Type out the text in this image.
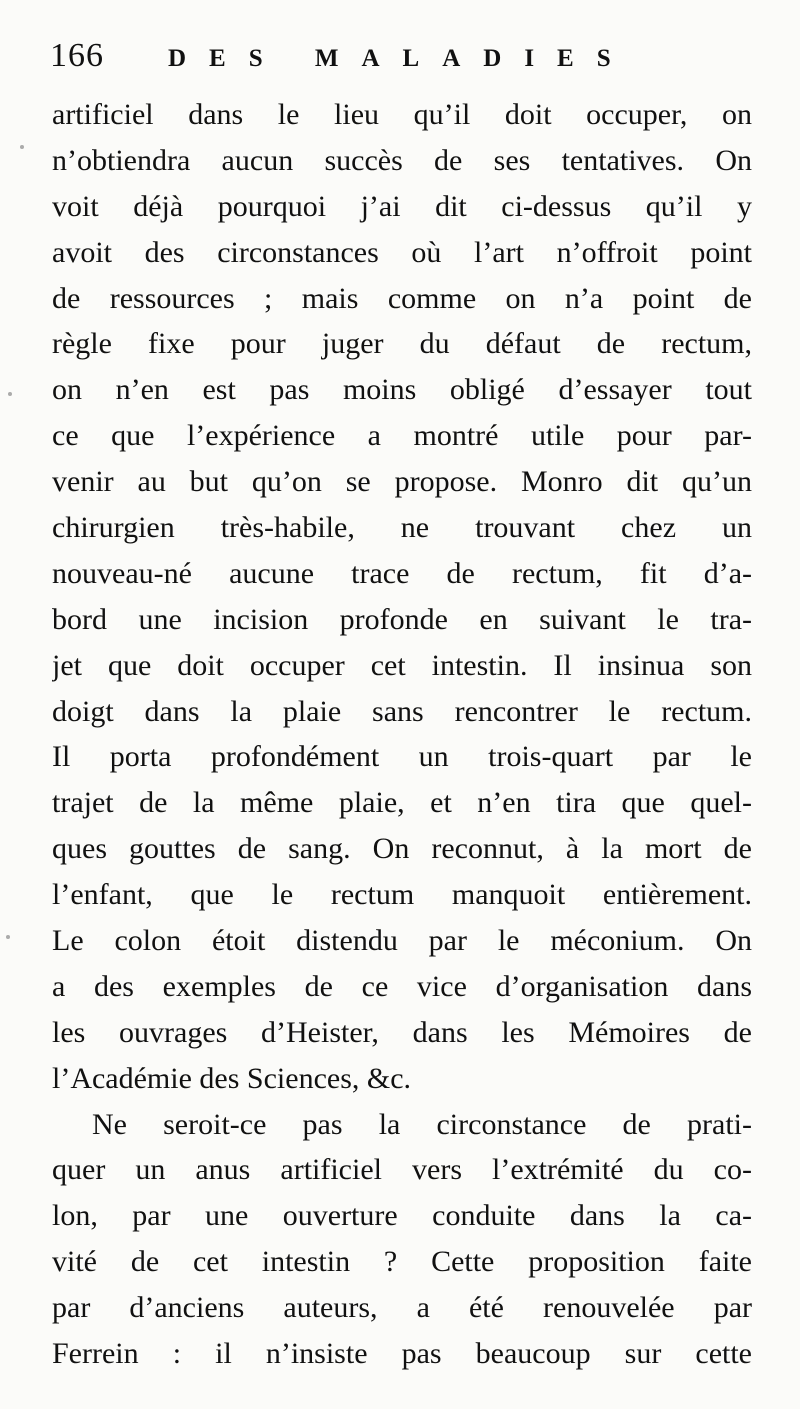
166	DES MALADIES
artificiel dans le lieu qu’il doit occuper, on
n’obtiendra aucun succès de ses tentatives. On
voit déjà pourquoi j’ai dit ci-dessus qu’il y
avoit des circonstances où l’art n’offroit point
de ressources ; mais comme on n’a point de
règle fixe pour juger du défaut de rectum,
on n’en est pas moins obligé d’essayer tout
ce que l’expérience a montré utile pour par-
venir au but qu’on se propose. Monro dit qu’un
chirurgien très-habile, ne trouvant chez un
nouveau-né aucune trace de rectum, fit d’a-
bord une incision profonde en suivant le tra-
jet que doit occuper cet intestin. Il insinua son
doigt dans la plaie sans rencontrer le rectum.
Il porta profondément un trois-quart par le
trajet de la même plaie, et n’en tira que quel-
ques gouttes de sang. On reconnut, à la mort de
l’enfant, que le rectum manquoit entièrement.
Le colon étoit distendu par le méconium. On
a des exemples de ce vice d’organisation dans
les ouvrages d’Heister, dans les Mémoires de
l’Académie des Sciences, &c.
Ne seroit-ce pas la circonstance de prati-
quer un anus artificiel vers l’extrémité du co-
lon, par une ouverture conduite dans la ca-
vité de cet intestin ? Cette proposition faite
par d’anciens auteurs, a été renouvelée par
Ferrein : il n’insiste pas beaucoup sur cette
